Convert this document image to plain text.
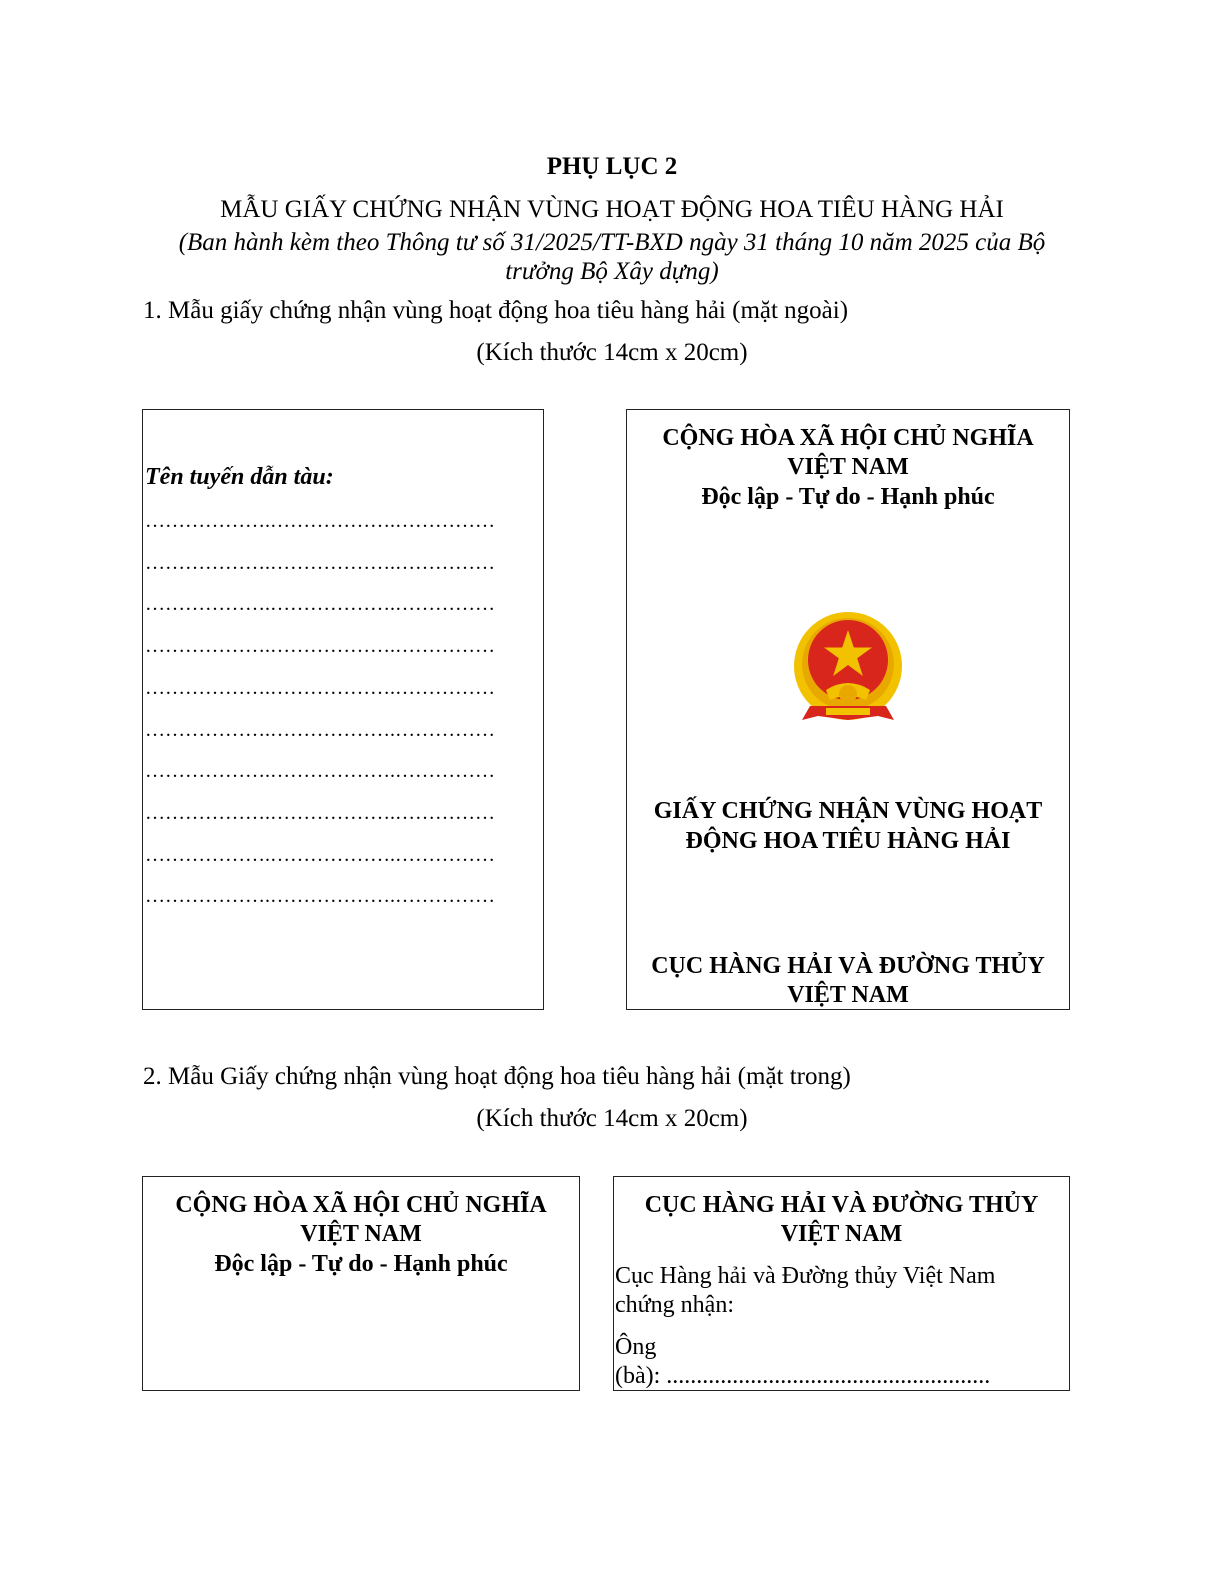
PHỤ LỤC 2
MẪU GIẤY CHỨNG NHẬN VÙNG HOẠT ĐỘNG HOA TIÊU HÀNG HẢI
(Ban hành kèm theo Thông tư số 31/2025/TT-BXD ngày 31 tháng 10 năm 2025 của Bộ
trưởng Bộ Xây dựng)
1. Mẫu giấy chứng nhận vùng hoạt động hoa tiêu hàng hải (mặt ngoài)
(Kích thước 14cm x 20cm)
Tên tuyến dẫn tàu:
……………….……………….……………
……………….……………….……………
……………….……………….……………
……………….……………….……………
……………….……………….……………
……………….……………….……………
……………….……………….……………
……………….……………….……………
……………….……………….……………
……………….……………….……………
CỘNG HÒA XÃ HỘI CHỦ NGHĨA
VIỆT NAM
Độc lập - Tự do - Hạnh phúc
GIẤY CHỨNG NHẬN VÙNG HOẠT
ĐỘNG HOA TIÊU HÀNG HẢI
CỤC HÀNG HẢI VÀ ĐƯỜNG THỦY
VIỆT NAM
2. Mẫu Giấy chứng nhận vùng hoạt động hoa tiêu hàng hải (mặt trong)
(Kích thước 14cm x 20cm)
CỘNG HÒA XÃ HỘI CHỦ NGHĨA
VIỆT NAM
Độc lập - Tự do - Hạnh phúc
CỤC HÀNG HẢI VÀ ĐƯỜNG THỦY
VIỆT NAM
Cục Hàng hải và Đường thủy Việt Nam
chứng nhận:
Ông
(bà): ......................................................
